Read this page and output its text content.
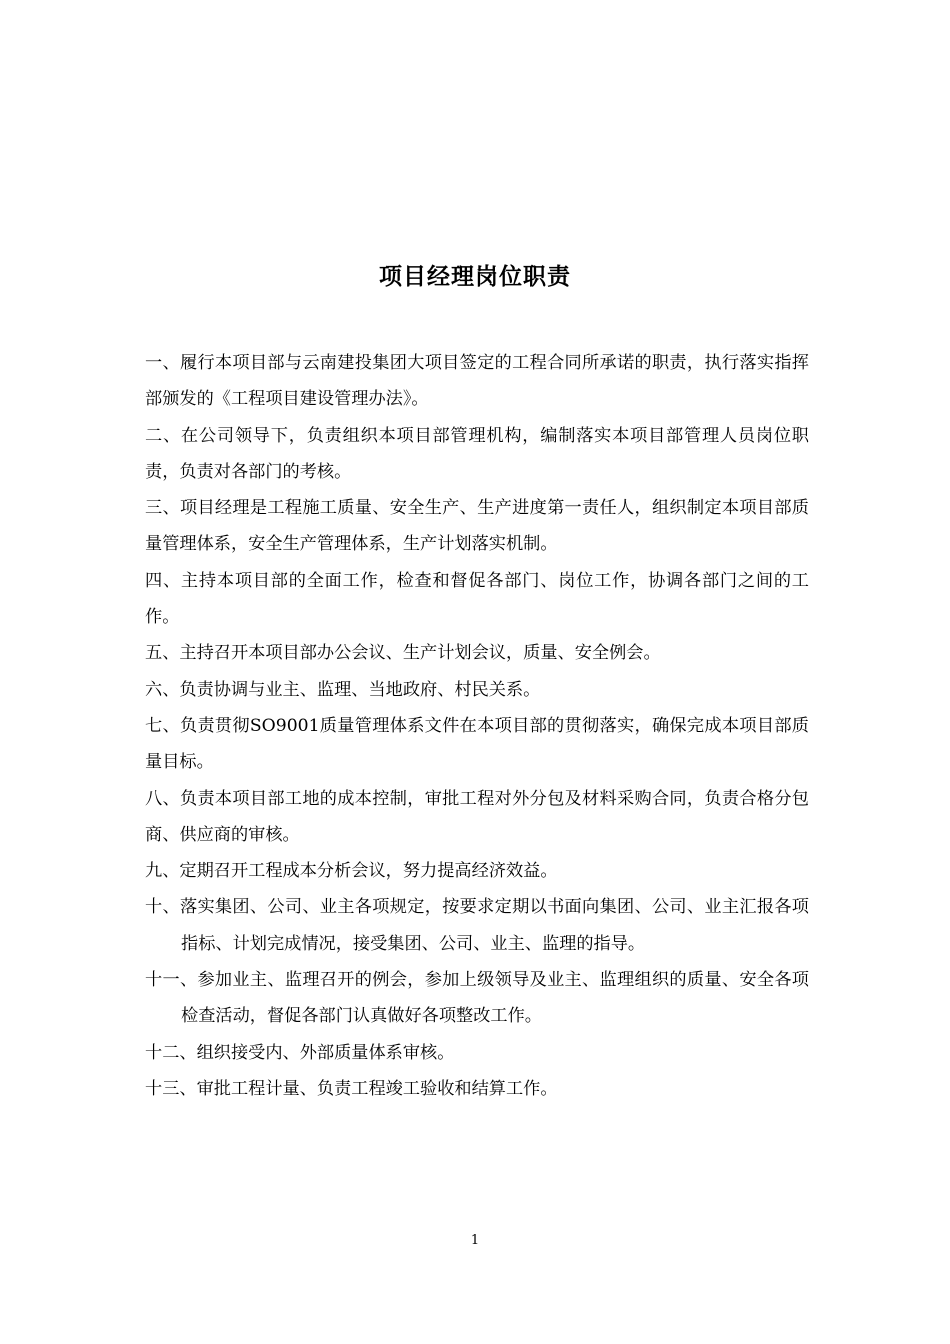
项目经理岗位职责

一、履行本项目部与云南建投集团大项目签定的工程合同所承诺的职责，执行落实指挥部颁发的《工程项目建设管理办法》。

二、在公司领导下，负责组织本项目部管理机构，编制落实本项目部管理人员岗位职责，负责对各部门的考核。

三、项目经理是工程施工质量、安全生产、生产进度第一责任人，组织制定本项目部质量管理体系，安全生产管理体系，生产计划落实机制。

四、主持本项目部的全面工作，检查和督促各部门、岗位工作，协调各部门之间的工作。

五、主持召开本项目部办公会议、生产计划会议，质量、安全例会。

六、负责协调与业主、监理、当地政府、村民关系。

七、负责贯彻SO9001质量管理体系文件在本项目部的贯彻落实，确保完成本项目部质量目标。

八、负责本项目部工地的成本控制，审批工程对外分包及材料采购合同，负责合格分包商、供应商的审核。

九、定期召开工程成本分析会议，努力提高经济效益。

十、落实集团、公司、业主各项规定，按要求定期以书面向集团、公司、业主汇报各项指标、计划完成情况，接受集团、公司、业主、监理的指导。

十一、参加业主、监理召开的例会，参加上级领导及业主、监理组织的质量、安全各项检查活动，督促各部门认真做好各项整改工作。

十二、组织接受内、外部质量体系审核。

十三、审批工程计量、负责工程竣工验收和结算工作。

1
